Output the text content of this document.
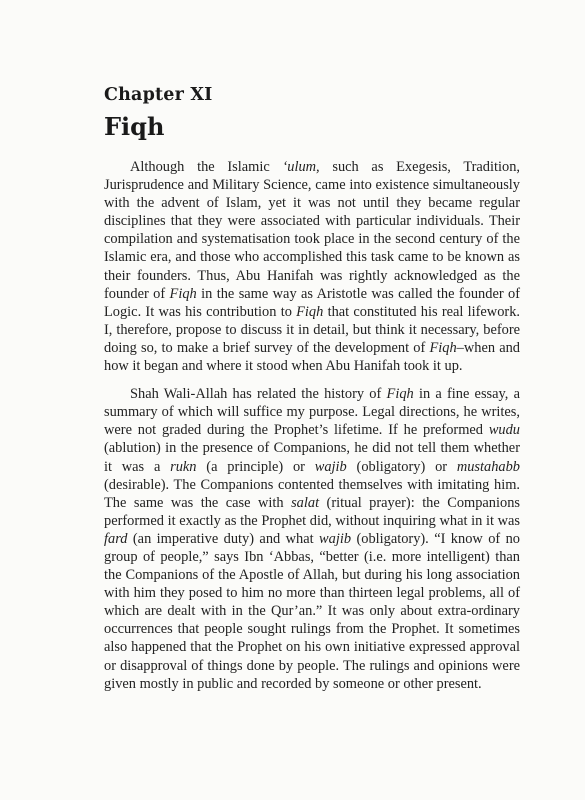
Chapter XI
Fiqh

Although the Islamic ‘ulum, such as Exegesis, Tradition, Jurisprudence and Military Science, came into existence simultaneously with the advent of Islam, yet it was not until they became regular disciplines that they were associated with particular individuals. Their compilation and systematisation took place in the second century of the Islamic era, and those who accomplished this task came to be known as their founders. Thus, Abu Hanifah was rightly acknowledged as the founder of Fiqh in the same way as Aristotle was called the founder of Logic. It was his contribution to Fiqh that constituted his real lifework. I, therefore, propose to discuss it in detail, but think it necessary, before doing so, to make a brief survey of the development of Fiqh–when and how it began and where it stood when Abu Hanifah took it up.

Shah Wali-Allah has related the history of Fiqh in a fine essay, a summary of which will suffice my purpose. Legal directions, he writes, were not graded during the Prophet’s lifetime. If he preformed wudu (ablution) in the presence of Companions, he did not tell them whether it was a rukn (a principle) or wajib (obligatory) or mustahabb (desirable). The Companions contented themselves with imitating him. The same was the case with salat (ritual prayer): the Companions performed it exactly as the Prophet did, without inquiring what in it was fard (an imperative duty) and what wajib (obligatory). “I know of no group of people,” says Ibn ‘Abbas, “better (i.e. more intelligent) than the Companions of the Apostle of Allah, but during his long association with him they posed to him no more than thirteen legal problems, all of which are dealt with in the Qur’an.” It was only about extra-ordinary occurrences that people sought rulings from the Prophet. It sometimes also happened that the Prophet on his own initiative expressed approval or disapproval of things done by people. The rulings and opinions were given mostly in public and recorded by someone or other present.
